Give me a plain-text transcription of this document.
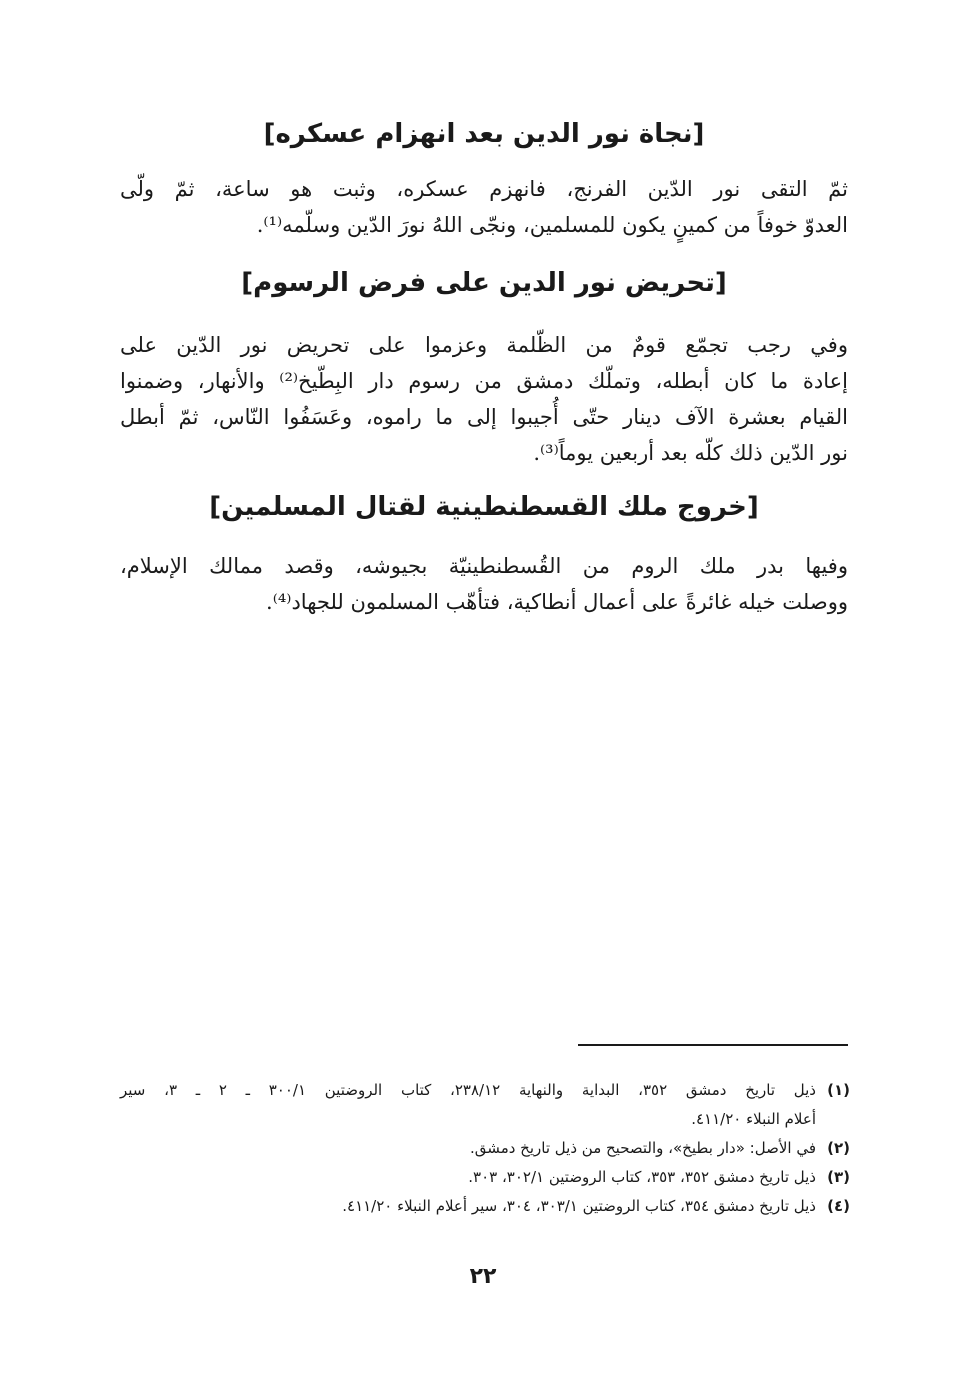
[نجاة نور الدين بعد انهزام عسكره]
ثمّ التقى نور الدّين الفرنج، فانهزم عسكره، وثبت هو ساعة، ثمّ ولّى
العدوّ خوفاً من كمينٍ يكون للمسلمين، ونجّى اللهُ نورَ الدّين وسلّمه⁽¹⁾.
[تحريض نور الدين على فرض الرسوم]
وفي رجب تجمّع قومٌ من الظّلمة وعزموا على تحريض نور الدّين على
إعادة ما كان أبطله، وتملّك دمشق من رسوم دار البِطّيخ⁽²⁾ والأنهار، وضمنوا
القيام بعشرة الآف دينار حتّى أُجيبوا إلى ما راموه، وعَسَفُوا النّاس، ثمّ أبطل
نور الدّين ذلك كلّه بعد أربعين يوماً⁽³⁾.
[خروج ملك القسطنطينية لقتال المسلمين]
وفيها بدر ملك الروم من القُسطنطينيّة بجيوشه، وقصد ممالك الإسلام،
ووصلت خيله غائرةً على أعمال أنطاكية، فتأهّب المسلمون للجهاد⁽⁴⁾.
(١)
ذيل تاريخ دمشق ٣٥٢، البداية والنهاية ٢٣٨/١٢، كتاب الروضتين ٣٠٠/١ ـ ٢ ـ ٣، سير
أعلام النبلاء ٤١١/٢٠.
(٢)
في الأصل: «دار بطيخ»، والتصحيح من ذيل تاريخ دمشق.
(٣)
ذيل تاريخ دمشق ٣٥٢، ٣٥٣، كتاب الروضتين ٣٠٢/١، ٣٠٣.
(٤)
ذيل تاريخ دمشق ٣٥٤، كتاب الروضتين ٣٠٣/١، ٣٠٤، سير أعلام النبلاء ٤١١/٢٠.
٢٢
